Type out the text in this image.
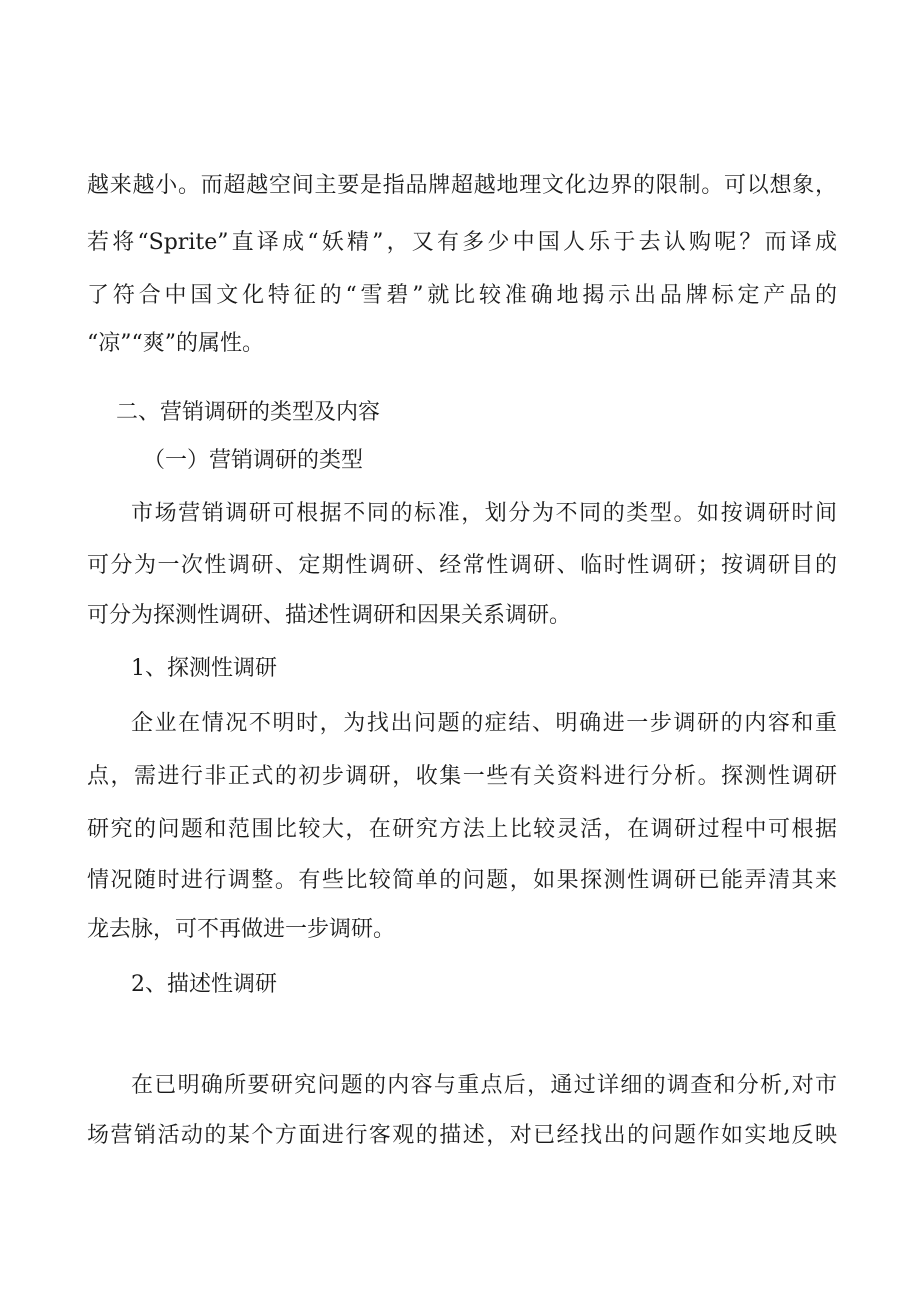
越来越小。而超越空间主要是指品牌超越地理文化边界的限制。可以想象，

若将“Sprite”直译成“妖精”，又有多少中国人乐于去认购呢？而译成

了符合中国文化特征的“雪碧”就比较准确地揭示出品牌标定产品的

“凉”“爽”的属性。

二、营销调研的类型及内容

（一）营销调研的类型

市场营销调研可根据不同的标准，划分为不同的类型。如按调研时间

可分为一次性调研、定期性调研、经常性调研、临时性调研；按调研目的

可分为探测性调研、描述性调研和因果关系调研。

1、探测性调研

企业在情况不明时，为找出问题的症结、明确进一步调研的内容和重

点，需进行非正式的初步调研，收集一些有关资料进行分析。探测性调研

研究的问题和范围比较大，在研究方法上比较灵活，在调研过程中可根据

情况随时进行调整。有些比较简单的问题，如果探测性调研已能弄清其来

龙去脉，可不再做进一步调研。

2、描述性调研

在已明确所要研究问题的内容与重点后，通过详细的调查和分析,对市

场营销活动的某个方面进行客观的描述，对已经找出的问题作如实地反映
